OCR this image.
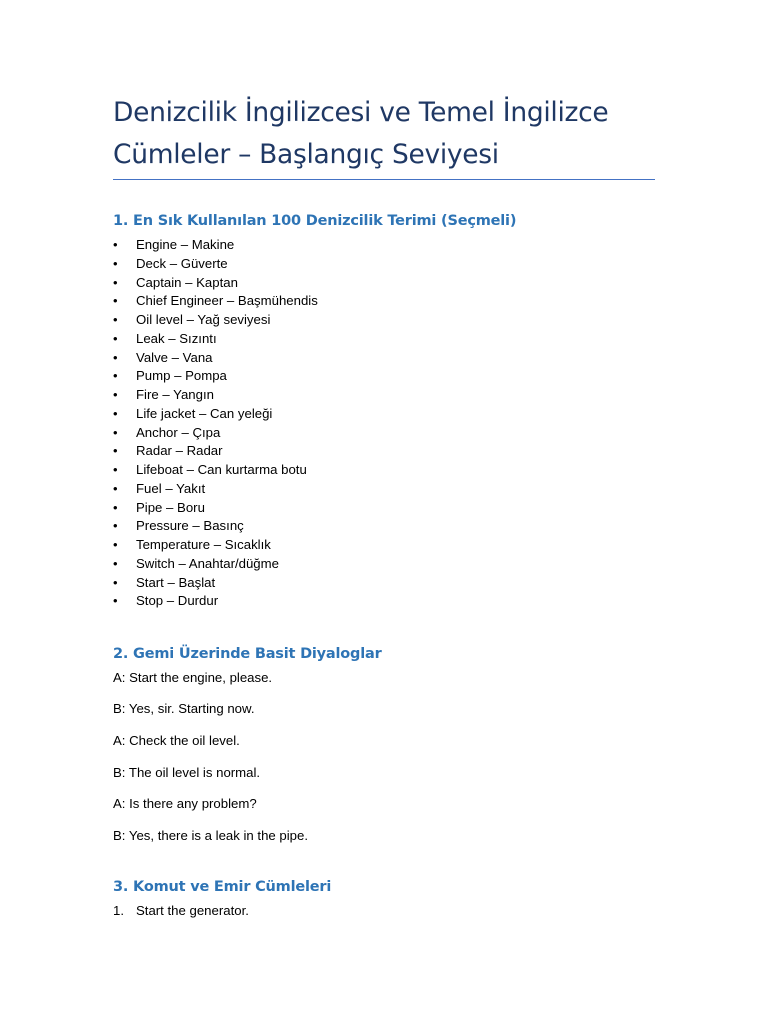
Denizcilik İngilizcesi ve Temel İngilizce
Cümleler – Başlangıç Seviyesi
1. En Sık Kullanılan 100 Denizcilik Terimi (Seçmeli)
• Engine – Makine
• Deck – Güverte
• Captain – Kaptan
• Chief Engineer – Başmühendis
• Oil level – Yağ seviyesi
• Leak – Sızıntı
• Valve – Vana
• Pump – Pompa
• Fire – Yangın
• Life jacket – Can yeleği
• Anchor – Çıpa
• Radar – Radar
• Lifeboat – Can kurtarma botu
• Fuel – Yakıt
• Pipe – Boru
• Pressure – Basınç
• Temperature – Sıcaklık
• Switch – Anahtar/düğme
• Start – Başlat
• Stop – Durdur
2. Gemi Üzerinde Basit Diyaloglar

A: Start the engine, please.

B: Yes, sir. Starting now.

A: Check the oil level.

B: The oil level is normal.

A: Is there any problem?

B: Yes, there is a leak in the pipe.

3. Komut ve Emir Cümleleri
1. Start the generator.
